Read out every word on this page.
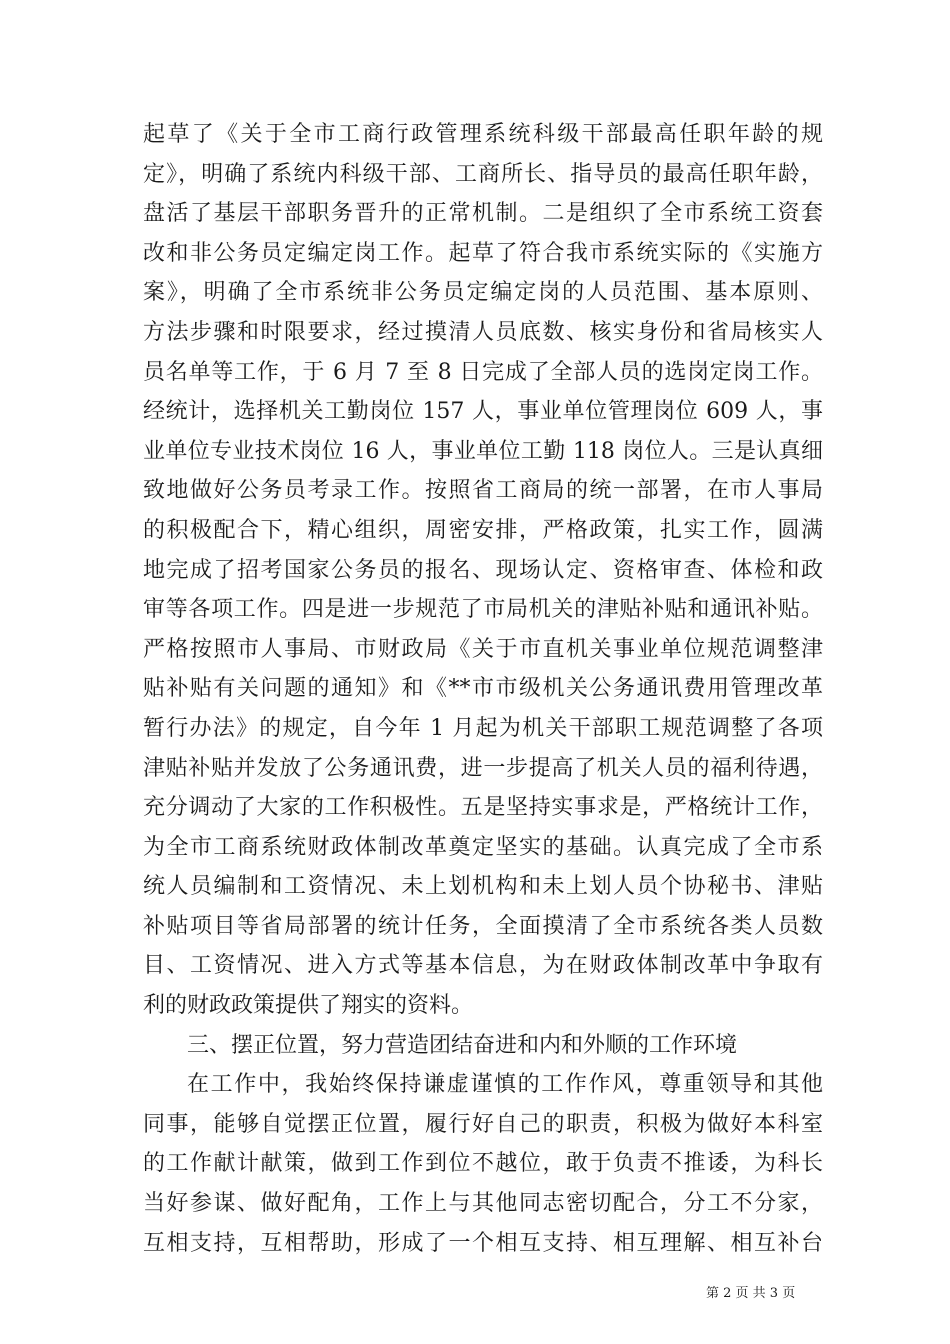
起草了《关于全市工商行政管理系统科级干部最高任职年龄的规
定》，明确了系统内科级干部、工商所长、指导员的最高任职年龄，
盘活了基层干部职务晋升的正常机制。二是组织了全市系统工资套
改和非公务员定编定岗工作。起草了符合我市系统实际的《实施方
案》，明确了全市系统非公务员定编定岗的人员范围、基本原则、
方法步骤和时限要求，经过摸清人员底数、核实身份和省局核实人
员名单等工作，于 6 月 7 至 8 日完成了全部人员的选岗定岗工作。
经统计，选择机关工勤岗位 157 人，事业单位管理岗位 609 人，事
业单位专业技术岗位 16 人，事业单位工勤 118 岗位人。三是认真细
致地做好公务员考录工作。按照省工商局的统一部署，在市人事局
的积极配合下，精心组织，周密安排，严格政策，扎实工作，圆满
地完成了招考国家公务员的报名、现场认定、资格审查、体检和政
审等各项工作。四是进一步规范了市局机关的津贴补贴和通讯补贴。
严格按照市人事局、市财政局《关于市直机关事业单位规范调整津
贴补贴有关问题的通知》和《**市市级机关公务通讯费用管理改革
暂行办法》的规定，自今年 1 月起为机关干部职工规范调整了各项
津贴补贴并发放了公务通讯费，进一步提高了机关人员的福利待遇，
充分调动了大家的工作积极性。五是坚持实事求是，严格统计工作，
为全市工商系统财政体制改革奠定坚实的基础。认真完成了全市系
统人员编制和工资情况、未上划机构和未上划人员个协秘书、津贴
补贴项目等省局部署的统计任务，全面摸清了全市系统各类人员数
目、工资情况、进入方式等基本信息，为在财政体制改革中争取有
利的财政政策提供了翔实的资料。
三、摆正位置，努力营造团结奋进和内和外顺的工作环境
在工作中，我始终保持谦虚谨慎的工作作风，尊重领导和其他
同事，能够自觉摆正位置，履行好自己的职责，积极为做好本科室
的工作献计献策，做到工作到位不越位，敢于负责不推诿，为科长
当好参谋、做好配角，工作上与其他同志密切配合，分工不分家，
互相支持，互相帮助，形成了一个相互支持、相互理解、相互补台
第 2 页 共 3 页
